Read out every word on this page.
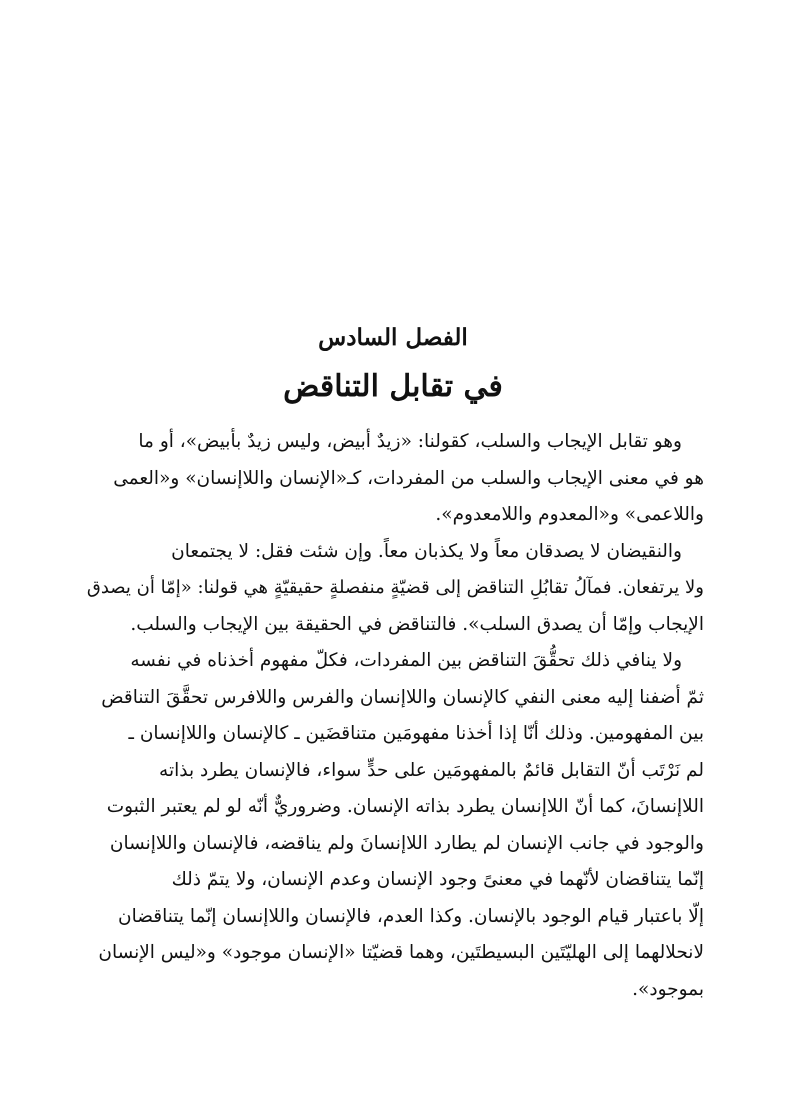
الفصل السادس
في تقابل التناقض
وهو تقابل الإيجاب والسلب، كقولنا: «زيدٌ أبيض، وليس زيدٌ بأبيض»، أو ما
هو في معنى الإيجاب والسلب من المفردات، كـ«الإنسان واللاإنسان» و«العمى
واللاعمى» و«المعدوم واللامعدوم».
والنقيضان لا يصدقان معاً ولا يكذبان معاً. وإن شئت فقل: لا يجتمعان
ولا يرتفعان. فمآلُ تقابُلِ التناقض إلى قضيّةٍ منفصلةٍ حقيقيّةٍ هي قولنا: «إمّا أن يصدق
الإيجاب وإمّا أن يصدق السلب». فالتناقض في الحقيقة بين الإيجاب والسلب.
ولا ينافي ذلك تحقُّقَ التناقض بين المفردات، فكلّ مفهوم أخذناه في نفسه
ثمّ أضفنا إليه معنى النفي كالإنسان واللاإنسان والفرس واللافرس تحقَّقَ التناقض
بين المفهومين. وذلك أنّا إذا أخذنا مفهومَين متناقضَين ـ كالإنسان واللاإنسان ـ
لم نَرْتَب أنّ التقابل قائمٌ بالمفهومَين على حدٍّ سواء، فالإنسان يطرد بذاته
اللاإنسانَ، كما أنّ اللاإنسان يطرد بذاته الإنسان. وضروريٌّ أنّه لو لم يعتبر الثبوت
والوجود في جانب الإنسان لم يطارد اللاإنسانَ ولم يناقضه، فالإنسان واللاإنسان
إنّما يتناقضان لأنّهما في معنىً وجود الإنسان وعدم الإنسان، ولا يتمّ ذلك
إلّا باعتبار قيام الوجود بالإنسان. وكذا العدم، فالإنسان واللاإنسان إنّما يتناقضان
لانحلالهما إلى الهليّتَين البسيطتَين، وهما قضيّتا «الإنسان موجود» و«ليس الإنسان
بموجود».
